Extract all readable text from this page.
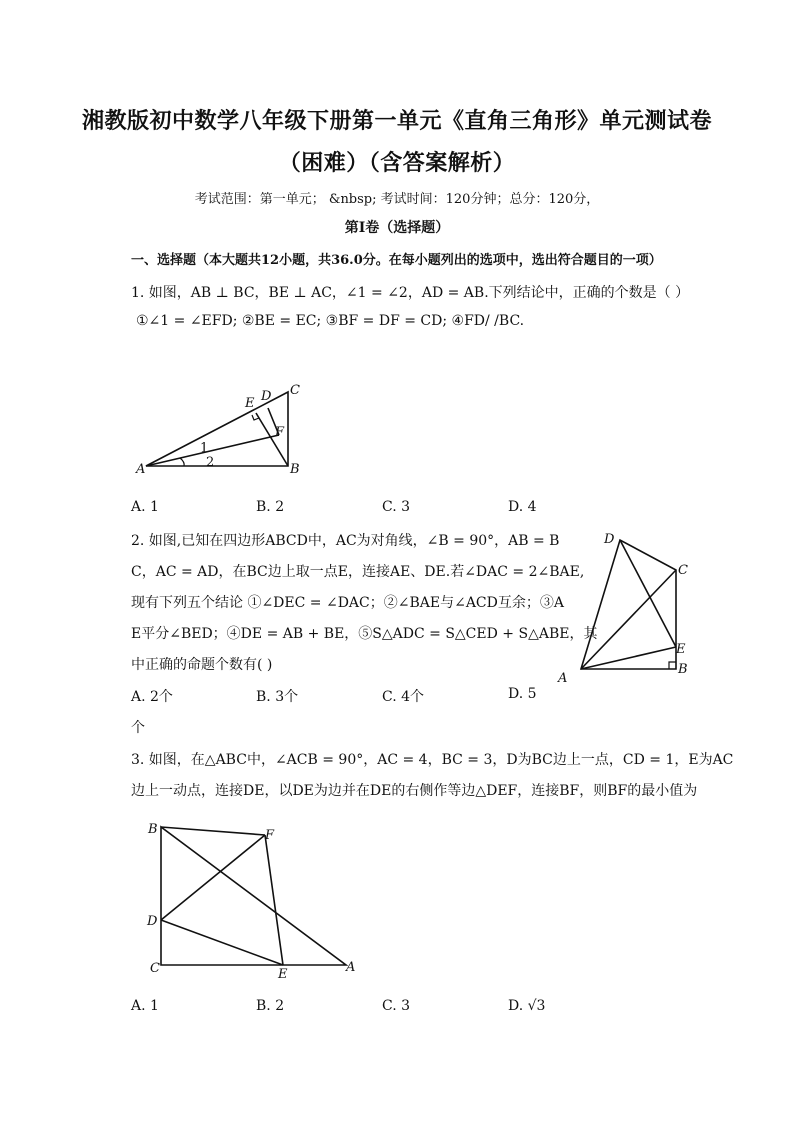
湘教版初中数学八年级下册第一单元《直角三角形》单元测试卷
（困难）（含答案解析）
考试范围：第一单元； &nbsp; 考试时间：120分钟；总分：120分，
第Ⅰ卷（选择题）
一、选择题（本大题共12小题，共36.0分。在每小题列出的选项中，选出符合题目的一项）
1. 如图，AB ⊥ BC，BE ⊥ AC，∠1 = ∠2，AD = AB.下列结论中，正确的个数是（ ）
①∠1 = ∠EFD; ②BE = EC; ③BF = DF = CD; ④FD/ /BC.
A	B
C
D
E
F
1
2
A. 1	B. 2	C. 3	D. 4
2. 如图,已知在四边形ABCD中，AC为对角线，∠B = 90°，AB = B
C，AC = AD，在BC边上取一点E，连接AE、DE.若∠DAC = 2∠BAE,
现有下列五个结论 ①∠DEC = ∠DAC；②∠BAE与∠ACD互余；③A
E平分∠BED；④DE = AB + BE，⑤S△ADC = S△CED + S△ABE，其
中正确的命题个数有( )
A
B
C
D
E
A. 2个	B. 3个	C. 4个	D. 5
个
3. 如图，在△ABC中，∠ACB = 90°，AC = 4，BC = 3，D为BC边上一点，CD = 1，E为AC
边上一动点，连接DE，以DE为边并在DE的右侧作等边△DEF，连接BF，则BF的最小值为
B	F
D
C	E	A
A. 1	B. 2	C. 3	D. √3
